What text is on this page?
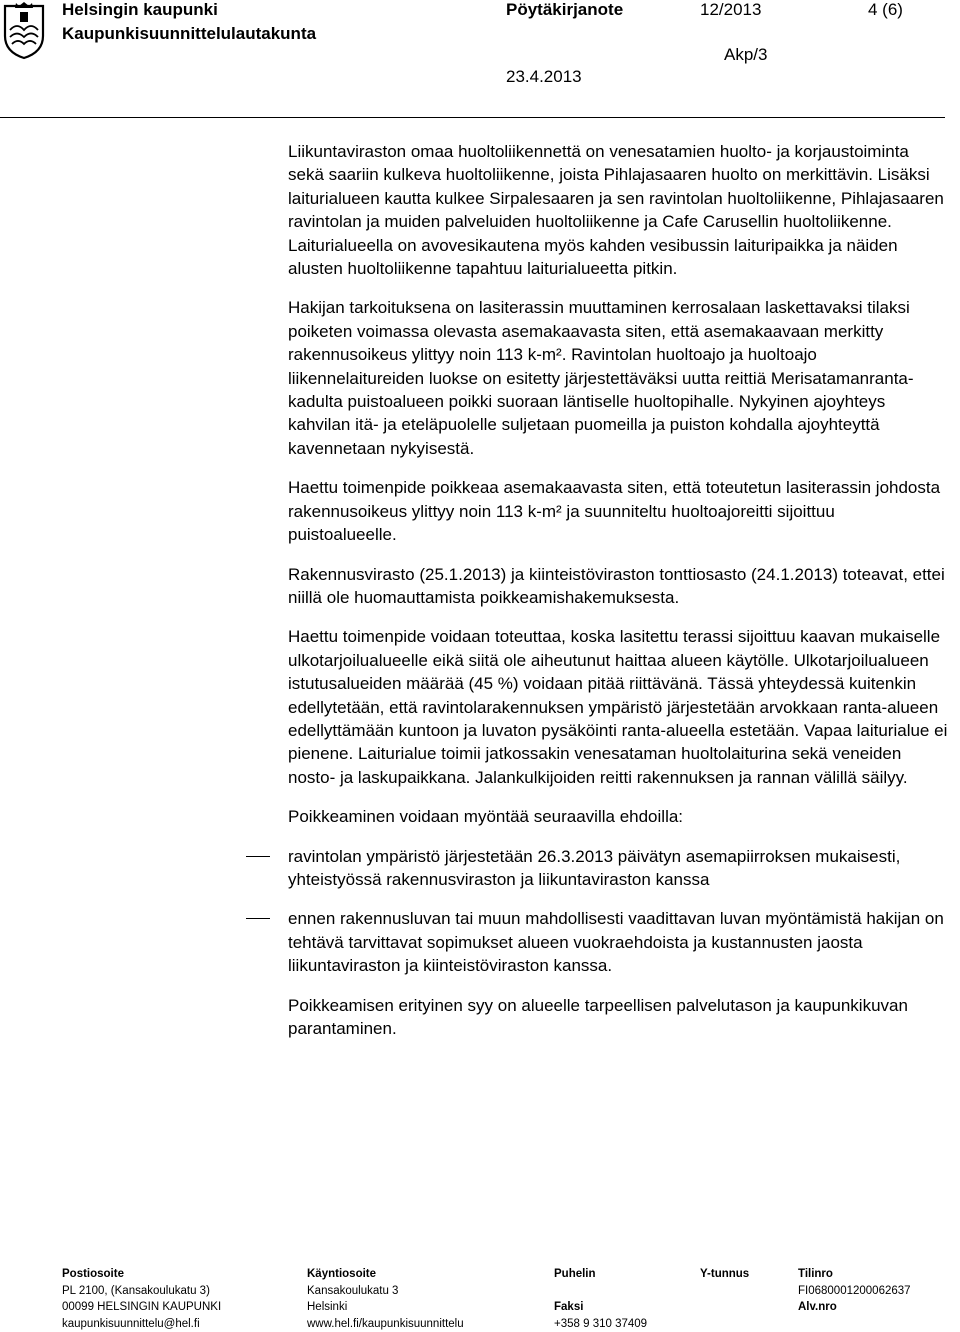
Helsingin kaupunki
Kaupunkisuunnittelulautakunta
Pöytäkirjanote	12/2013	4 (6)
Akp/3
23.4.2013

Liikuntaviraston omaa huoltoliikennettä on venesatamien huolto- ja korjaustoiminta sekä saariin kulkeva huoltoliikenne, joista Pihlajasaaren huolto on merkittävin. Lisäksi laiturialueen kautta kulkee Sirpalesaaren ja sen ravintolan huoltoliikenne, Pihlajasaaren ravintolan ja muiden palveluiden huoltoliikenne ja Cafe Carusellin huoltoliikenne. Laiturialueella on avovesikautena myös kahden vesibussin laituripaikka ja näiden alusten huoltoliikenne tapahtuu laiturialueetta pitkin.

Hakijan tarkoituksena on lasiterassin muuttaminen kerrosalaan laskettavaksi tilaksi poiketen voimassa olevasta asemakaavasta siten, että asemakaavaan merkitty rakennusoikeus ylittyy noin 113 k-m². Ravintolan huoltoajo ja huoltoajo liikennelaitureiden luokse on esitetty järjestettäväksi uutta reittiä Merisatamanranta-kadulta puistoalueen poikki suoraan läntiselle huoltopihalle. Nykyinen ajoyhteys kahvilan itä- ja eteläpuolelle suljetaan puomeilla ja puiston kohdalla ajoyhteyttä kavennetaan nykyisestä.

Haettu toimenpide poikkeaa asemakaavasta siten, että toteutetun lasiterassin johdosta rakennusoikeus ylittyy noin 113 k-m² ja suunniteltu huoltoajoreitti sijoittuu puistoalueelle.

Rakennusvirasto (25.1.2013) ja kiinteistöviraston tonttiosasto (24.1.2013) toteavat, ettei niillä ole huomauttamista poikkeamishakemuksesta.

Haettu toimenpide voidaan toteuttaa, koska lasitettu terassi sijoittuu kaavan mukaiselle ulkotarjoilualueelle eikä siitä ole aiheutunut haittaa alueen käytölle. Ulkotarjoilualueen istutusalueiden määrää (45 %) voidaan pitää riittävänä. Tässä yhteydessä kuitenkin edellytetään, että ravintolarakennuksen ympäristö järjestetään arvokkaan ranta-alueen edellyttämään kuntoon ja luvaton pysäköinti ranta-alueella estetään. Vapaa laiturialue ei pienene. Laiturialue toimii jatkossakin venesataman huoltolaiturina sekä veneiden nosto- ja laskupaikkana. Jalankulkijoiden reitti rakennuksen ja rannan välillä säilyy.

Poikkeaminen voidaan myöntää seuraavilla ehdoilla:

ravintolan ympäristö järjestetään 26.3.2013 päivätyn asemapiirroksen mukaisesti, yhteistyössä rakennusviraston ja liikuntaviraston kanssa
ennen rakennusluvan tai muun mahdollisesti vaadittavan luvan myöntämistä hakijan on tehtävä tarvittavat sopimukset alueen vuokraehdoista ja kustannusten jaosta liikuntaviraston ja kiinteistöviraston kanssa.

Poikkeamisen erityinen syy on alueelle tarpeellisen palvelutason ja kaupunkikuvan parantaminen.

Postiosoite
PL 2100, (Kansakoulukatu 3)
00099 HELSINGIN KAUPUNKI
kaupunkisuunnittelu@hel.fi
Käyntiosoite
Kansakoulukatu 3
Helsinki
www.hel.fi/kaupunkisuunnittelu
Puhelin

Faksi
+358 9 310 37409
Y-tunnus	Tilinro
FI0680001200062637
Alv.nro
